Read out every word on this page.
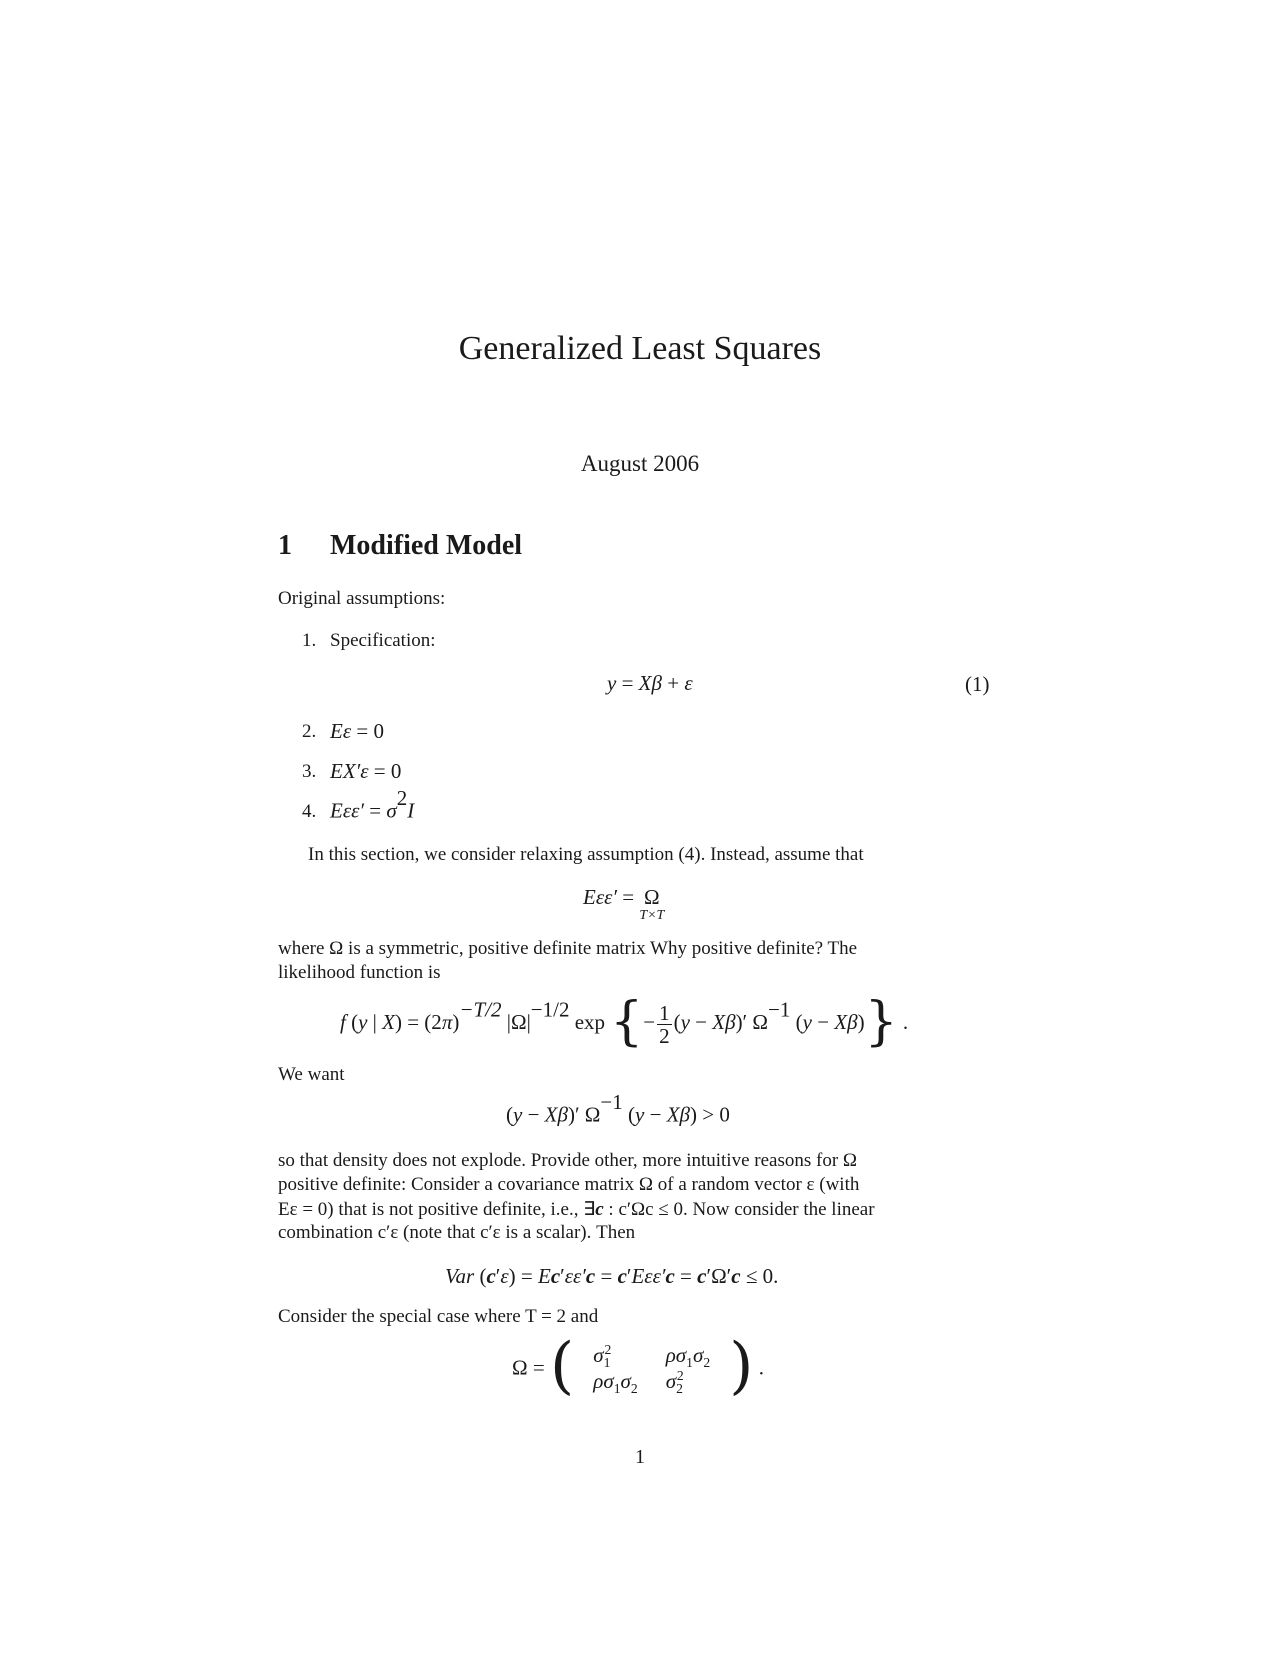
Generalized Least Squares
August 2006
1 Modified Model
Original assumptions:
1. Specification:
y = Xβ + ε	(1)
2. Eε = 0
3. EX′ε = 0
4. $E\varepsilon\varepsilon' = \sigma^2I$
In this section, we consider relaxing assumption (4). Instead, assume that
Eεε′ = Ω
T×T
where Ω is a symmetric, positive definite matrix Why positive definite? The
likelihood function is
f (y | $X) = (2\pi)^{-T/2}$ $|\Omega|^{-1/2}$ exp {− $\frac{1}{2} (y - X\beta)'$ $\Omega^{-1}$ (y − Xβ)} .
We want
(y − Xβ)′ $\Omega^{-1}$ (y − Xβ) > 0
so that density does not explode. Provide other, more intuitive reasons for Ω
positive definite: Consider a covariance matrix Ω of a random vector ε (with
Eε = 0) that is not positive definite, i.e., ∃c : c′Ωc ≤ 0. Now consider the linear
combination c′ε (note that c′ε is a scalar). Then
Var (c′ε) = Ec′εε′c = c′Eεε′c = c′Ω′c ≤ 0.
Consider the special case where T = 2 and
Ω = ( $\sigma_1^2$	$\rho\sigma_1\sigma_2$
$\rho\sigma_1\sigma_2$	$\sigma_2^2$ ) .
1
